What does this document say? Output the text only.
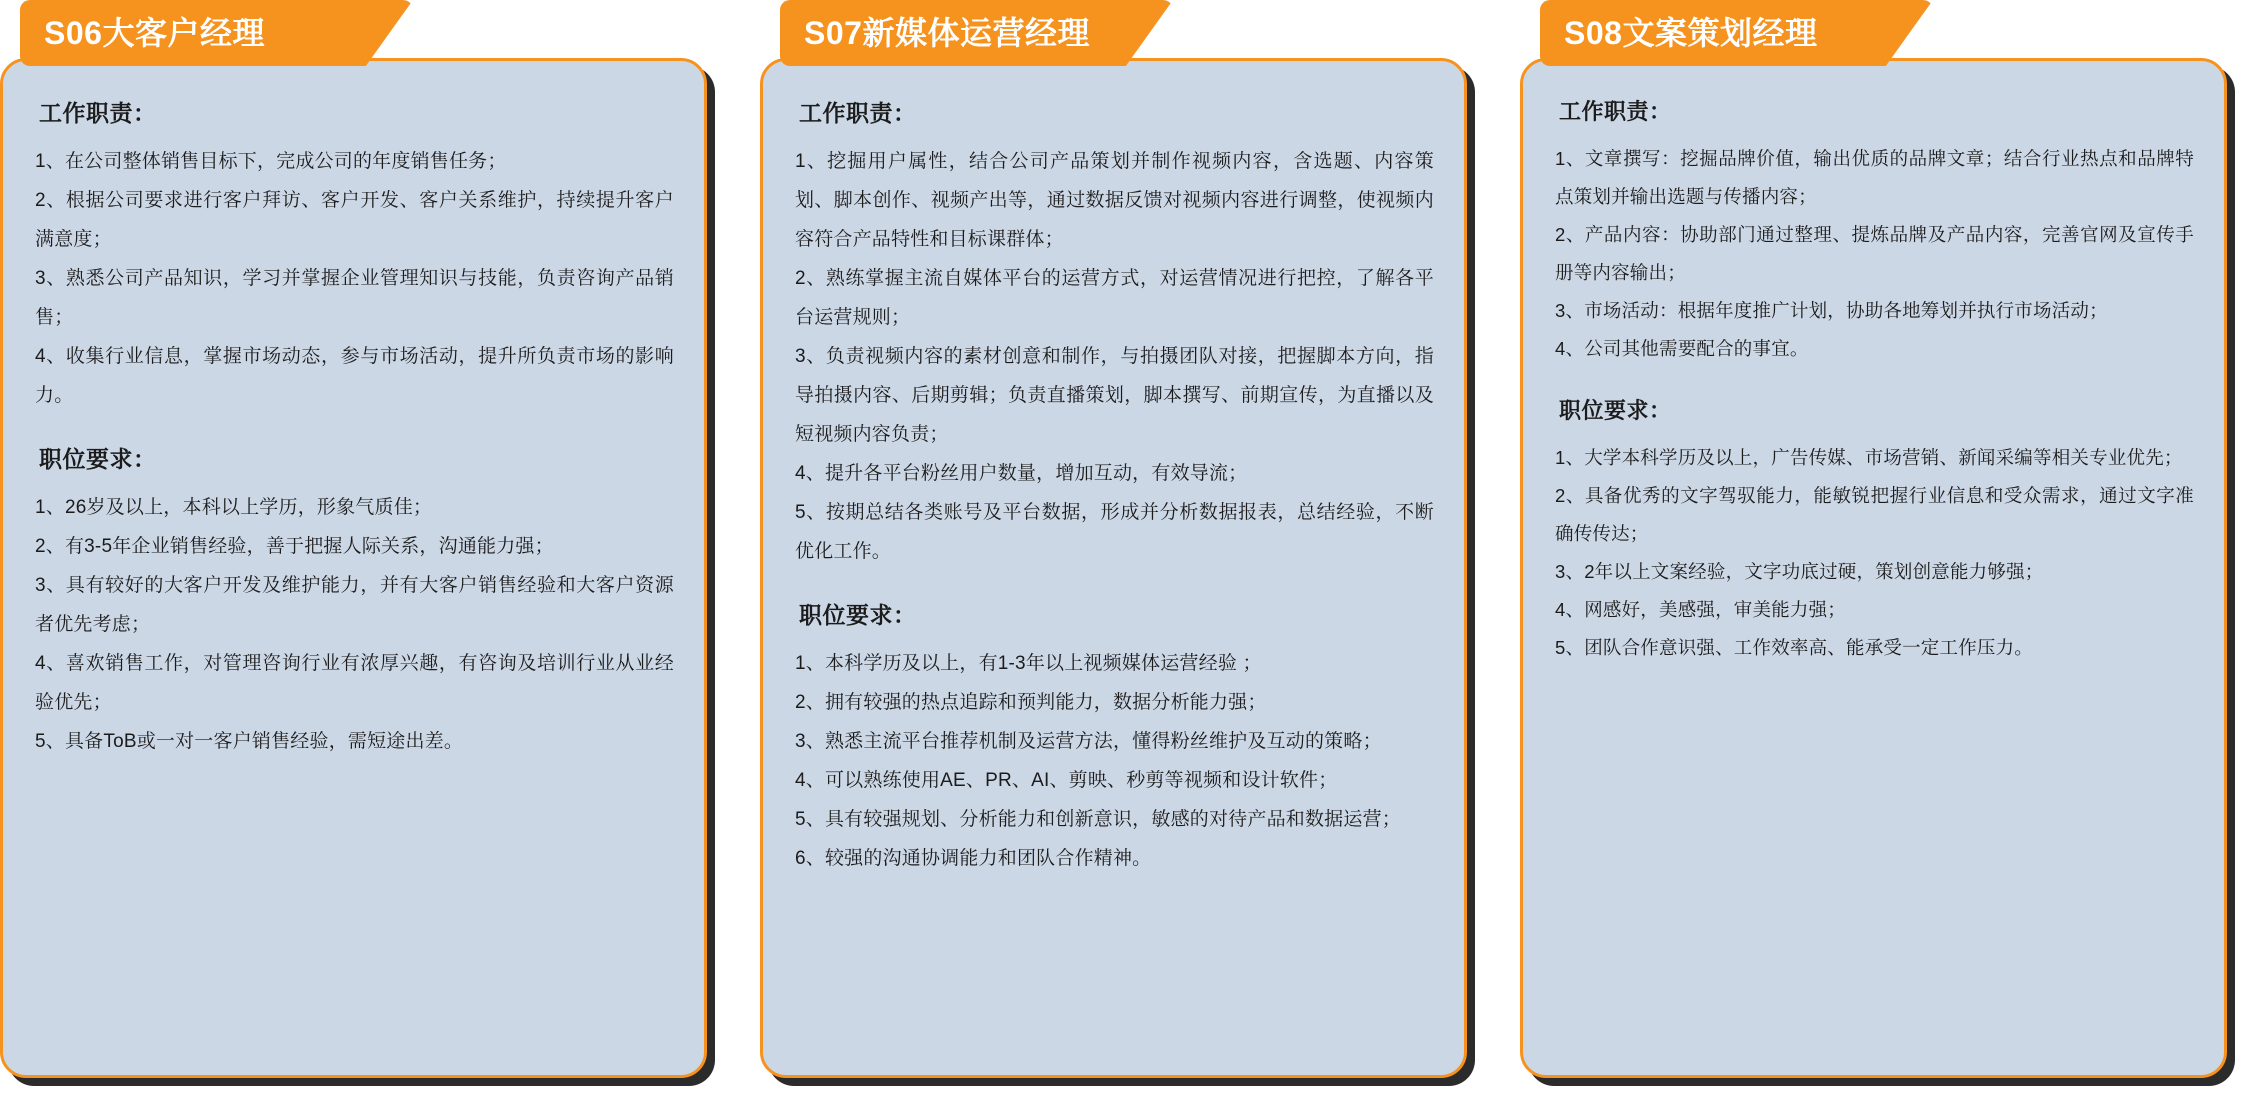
S06大客户经理
工作职责：
1、在公司整体销售目标下，完成公司的年度销售任务；
2、根据公司要求进行客户拜访、客户开发、客户关系维护，持续提升客户满意度；
3、熟悉公司产品知识，学习并掌握企业管理知识与技能，负责咨询产品销售；
4、收集行业信息，掌握市场动态，参与市场活动，提升所负责市场的影响力。
职位要求：
1、26岁及以上，本科以上学历，形象气质佳；
2、有3-5年企业销售经验，善于把握人际关系，沟通能力强；
3、具有较好的大客户开发及维护能力，并有大客户销售经验和大客户资源者优先考虑；
4、喜欢销售工作，对管理咨询行业有浓厚兴趣，有咨询及培训行业从业经验优先；
5、具备ToB或一对一客户销售经验，需短途出差。
S07新媒体运营经理
工作职责：
1、挖掘用户属性，结合公司产品策划并制作视频内容，含选题、内容策划、脚本创作、视频产出等，通过数据反馈对视频内容进行调整，使视频内容符合产品特性和目标课群体；
2、熟练掌握主流自媒体平台的运营方式，对运营情况进行把控，了解各平台运营规则；
3、负责视频内容的素材创意和制作，与拍摄团队对接，把握脚本方向，指导拍摄内容、后期剪辑；负责直播策划，脚本撰写、前期宣传，为直播以及短视频内容负责；
4、提升各平台粉丝用户数量，增加互动，有效导流；
5、按期总结各类账号及平台数据，形成并分析数据报表，总结经验，不断优化工作。
职位要求：
1、本科学历及以上，有1-3年以上视频媒体运营经验 ；
2、拥有较强的热点追踪和预判能力，数据分析能力强；
3、熟悉主流平台推荐机制及运营方法，懂得粉丝维护及互动的策略；
4、可以熟练使用AE、PR、AI、剪映、秒剪等视频和设计软件；
5、具有较强规划、分析能力和创新意识，敏感的对待产品和数据运营；
6、较强的沟通协调能力和团队合作精神。
S08文案策划经理
工作职责：
1、文章撰写：挖掘品牌价值，输出优质的品牌文章；结合行业热点和品牌特点策划并输出选题与传播内容；
2、产品内容：协助部门通过整理、提炼品牌及产品内容，完善官网及宣传手册等内容输出；
3、市场活动：根据年度推广计划，协助各地筹划并执行市场活动；
4、公司其他需要配合的事宜。
职位要求：
1、大学本科学历及以上，广告传媒、市场营销、新闻采编等相关专业优先；
2、具备优秀的文字驾驭能力，能敏锐把握行业信息和受众需求，通过文字准确传传达；
3、2年以上文案经验，文字功底过硬，策划创意能力够强；
4、网感好，美感强，审美能力强；
5、团队合作意识强、工作效率高、能承受一定工作压力。
